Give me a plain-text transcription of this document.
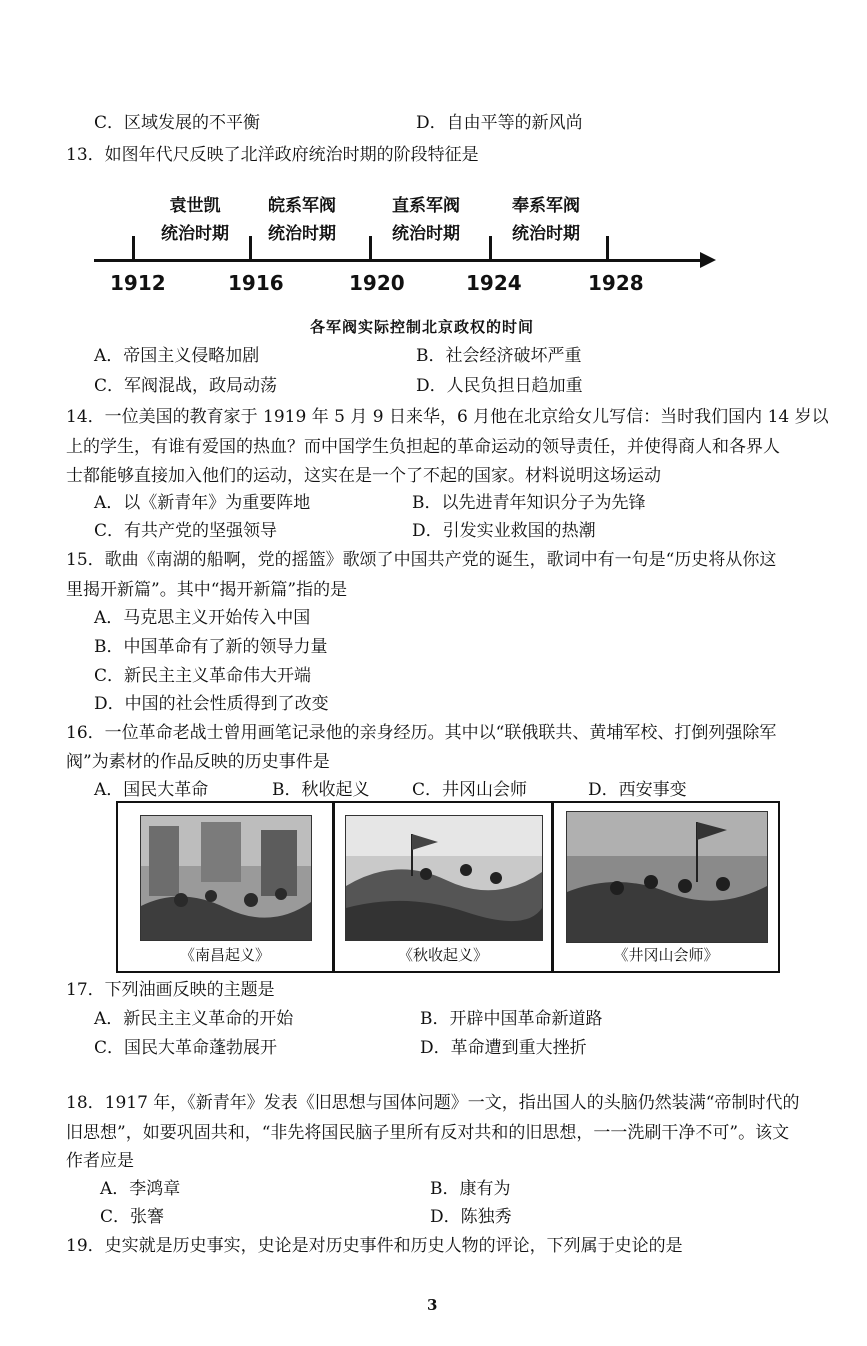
C．区域发展的不平衡	D．自由平等的新风尚
13．如图年代尺反映了北洋政府统治时期的阶段特征是
袁世凯
统治时期
皖系军阀
统治时期
直系军阀
统治时期
奉系军阀
统治时期
1912	1916	1920	1924	1928
各军阀实际控制北京政权的时间
A．帝国主义侵略加剧	B．社会经济破坏严重
C．军阀混战，政局动荡	D．人民负担日趋加重
14．一位美国的教育家于 1919 年 5 月 9 日来华，6 月他在北京给女儿写信：当时我们国内 14 岁以
上的学生，有谁有爱国的热血？而中国学生负担起的革命运动的领导责任，并使得商人和各界人
士都能够直接加入他们的运动，这实在是一个了不起的国家。材料说明这场运动
A．以《新青年》为重要阵地	B．以先进青年知识分子为先锋
C．有共产党的坚强领导	D．引发实业救国的热潮
15．歌曲《南湖的船啊，党的摇篮》歌颂了中国共产党的诞生，歌词中有一句是“历史将从你这
里揭开新篇”。其中“揭开新篇”指的是
A．马克思主义开始传入中国
B．中国革命有了新的领导力量
C．新民主主义革命伟大开端
D．中国的社会性质得到了改变
16．一位革命老战士曾用画笔记录他的亲身经历。其中以“联俄联共、黄埔军校、打倒列强除军
阀”为素材的作品反映的历史事件是
A．国民大革命	B．秋收起义	C．井冈山会师	D．西安事变
《南昌起义》	《秋收起义》	《井冈山会师》
17．下列油画反映的主题是
A．新民主主义革命的开始	B．开辟中国革命新道路
C．国民大革命蓬勃展开	D．革命遭到重大挫折
18．1917 年，《新青年》发表《旧思想与国体问题》一文，指出国人的头脑仍然装满“帝制时代的
旧思想”，如要巩固共和，“非先将国民脑子里所有反对共和的旧思想，一一洗刷干净不可”。该文
作者应是
A．李鸿章	B．康有为
C．张謇	D．陈独秀
19．史实就是历史事实，史论是对历史事件和历史人物的评论，下列属于史论的是
3
